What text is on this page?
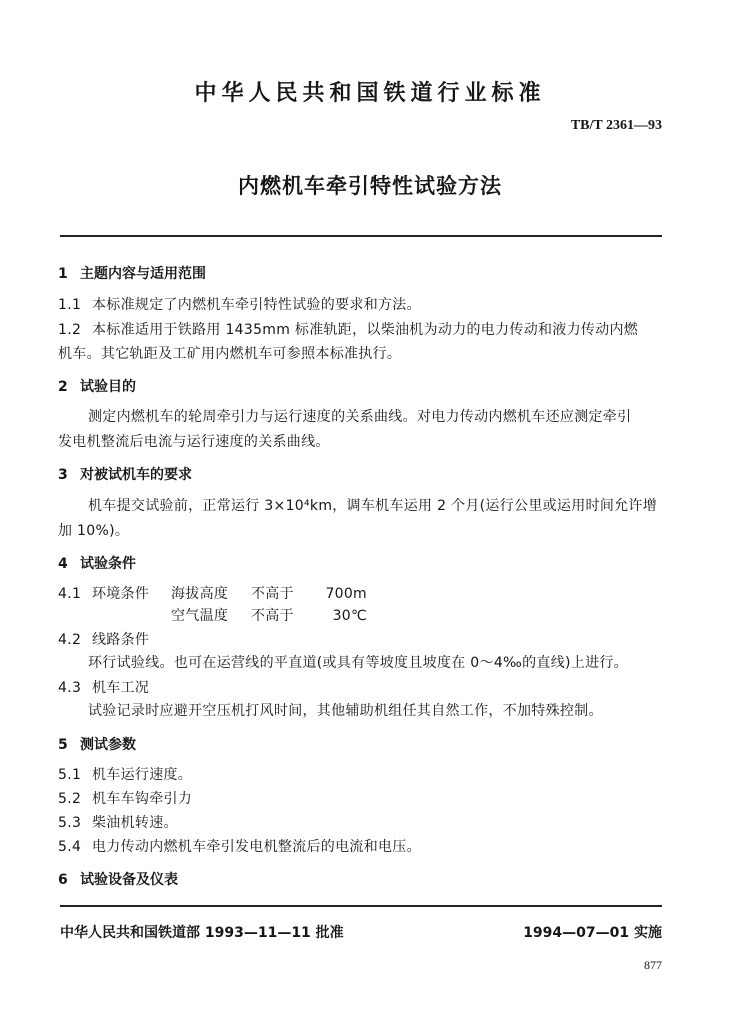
中华人民共和国铁道行业标准
TB/T 2361—93
内燃机车牵引特性试验方法
1 主题内容与适用范围
1.1 本标准规定了内燃机车牵引特性试验的要求和方法。
1.2 本标准适用于铁路用 1435mm 标准轨距，以柴油机为动力的电力传动和液力传动内燃
机车。其它轨距及工矿用内燃机车可参照本标准执行。
2 试验目的
测定内燃机车的轮周牵引力与运行速度的关系曲线。对电力传动内燃机车还应测定牵引
发电机整流后电流与运行速度的关系曲线。
3 对被试机车的要求
机车提交试验前，正常运行 3×10⁴km，调车机车运用 2 个月(运行公里或运用时间允许增
加 10%)。
4 试验条件
4.1 环境条件 海拔高度	不高于	700m
空气温度	不高于	30℃
4.2 线路条件
环行试验线。也可在运营线的平直道(或具有等坡度且坡度在 0～4‰的直线)上进行。
4.3 机车工况
试验记录时应避开空压机打风时间，其他辅助机组任其自然工作，不加特殊控制。
5 测试参数
5.1 机车运行速度。
5.2 机车车钩牵引力
5.3 柴油机转速。
5.4 电力传动内燃机车牵引发电机整流后的电流和电压。
6 试验设备及仪表
中华人民共和国铁道部 1993—11—11 批准	1994—07—01 实施
877
